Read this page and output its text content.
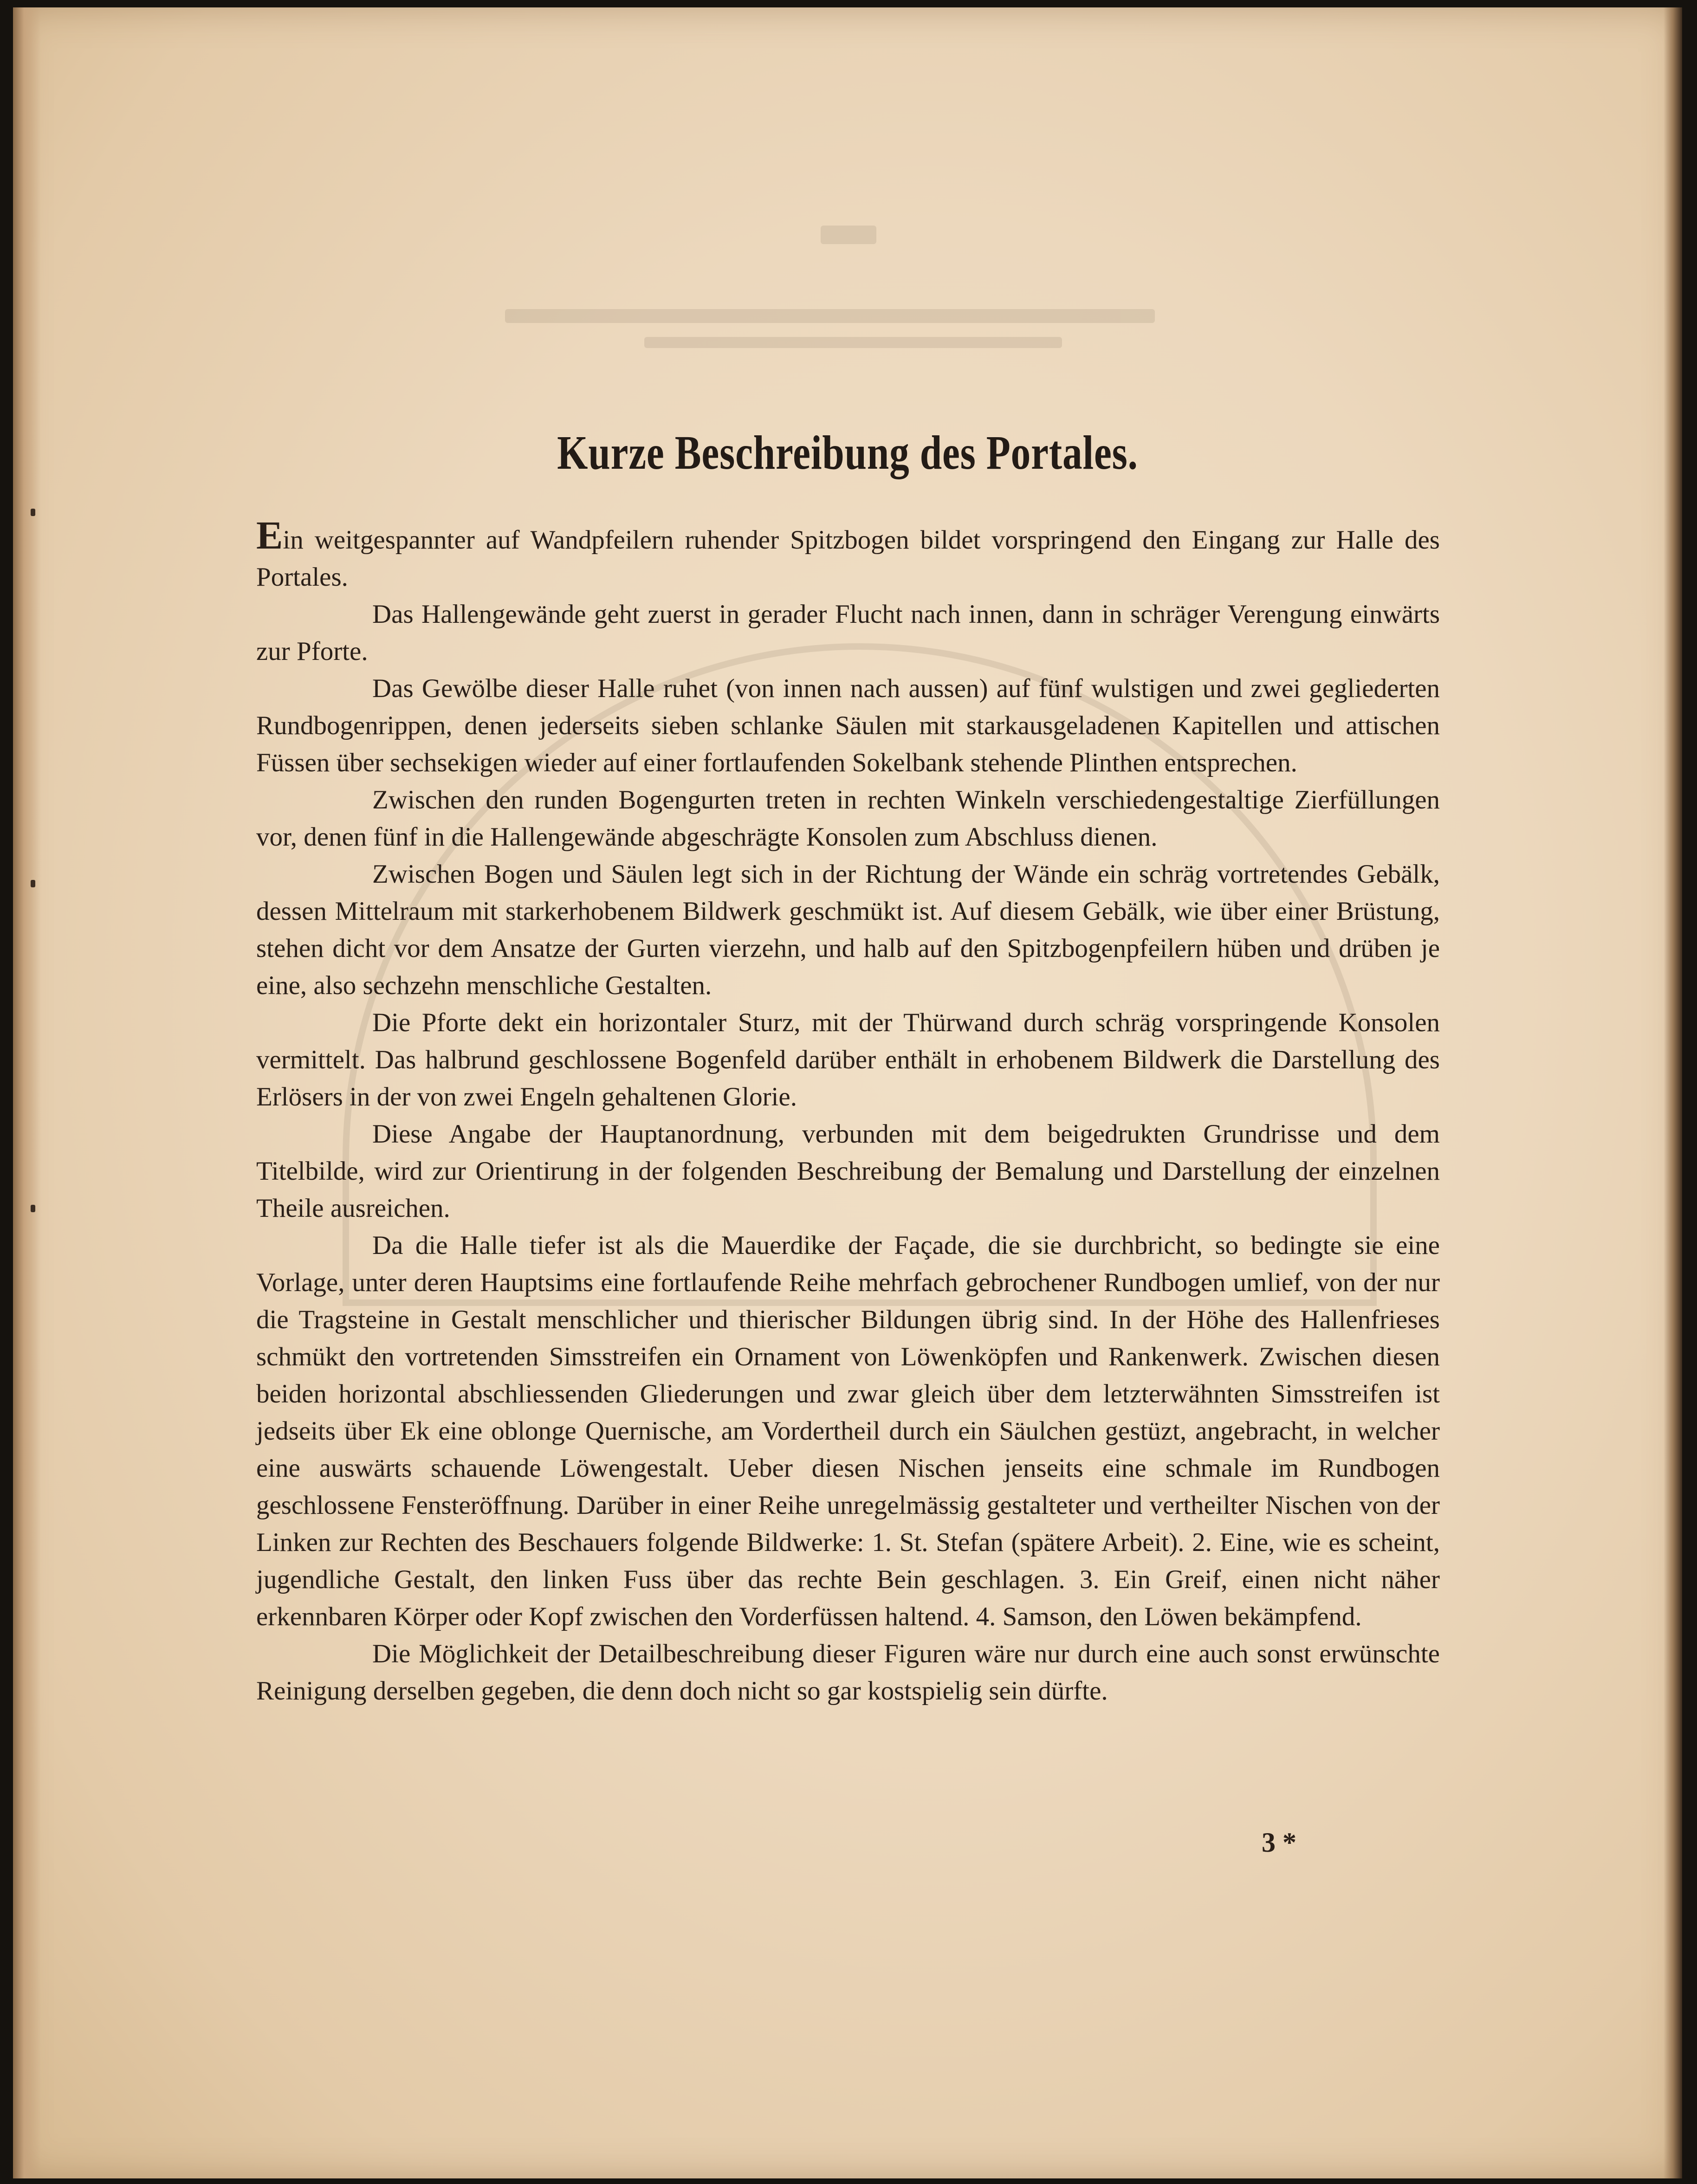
Kurze Beschreibung des Portales.

Ein weitgespannter auf Wandpfeilern ruhender Spitzbogen bildet vorspringend den Eingang zur Halle des Portales.

Das Hallengewände geht zuerst in gerader Flucht nach innen, dann in schräger Verengung einwärts zur Pforte.

Das Gewölbe dieser Halle ruhet (von innen nach aussen) auf fünf wulstigen und zwei gegliederten Rundbogenrippen, denen jederseits sieben schlanke Säulen mit starkausgeladenen Kapitellen und attischen Füssen über sechsekigen wieder auf einer fortlaufenden Sokelbank stehende Plinthen entsprechen.

Zwischen den runden Bogengurten treten in rechten Winkeln verschiedengestaltige Zierfüllungen vor, denen fünf in die Hallengewände abgeschrägte Konsolen zum Abschluss dienen.

Zwischen Bogen und Säulen legt sich in der Richtung der Wände ein schräg vortretendes Gebälk, dessen Mittelraum mit starkerhobenem Bildwerk geschmükt ist. Auf diesem Gebälk, wie über einer Brüstung, stehen dicht vor dem Ansatze der Gurten vierzehn, und halb auf den Spitzbogenpfeilern hüben und drüben je eine, also sechzehn menschliche Gestalten.

Die Pforte dekt ein horizontaler Sturz, mit der Thürwand durch schräg vorspringende Konsolen vermittelt. Das halbrund geschlossene Bogenfeld darüber enthält in erhobenem Bildwerk die Darstellung des Erlösers in der von zwei Engeln gehaltenen Glorie.

Diese Angabe der Hauptanordnung, verbunden mit dem beigedrukten Grundrisse und dem Titelbilde, wird zur Orientirung in der folgenden Beschreibung der Bemalung und Darstellung der einzelnen Theile ausreichen.

Da die Halle tiefer ist als die Mauerdike der Façade, die sie durchbricht, so bedingte sie eine Vorlage, unter deren Hauptsims eine fortlaufende Reihe mehrfach gebrochener Rundbogen umlief, von der nur die Tragsteine in Gestalt menschlicher und thierischer Bildungen übrig sind. In der Höhe des Hallenfrieses schmükt den vortretenden Simsstreifen ein Ornament von Löwenköpfen und Rankenwerk. Zwischen diesen beiden horizontal abschliessenden Gliederungen und zwar gleich über dem letzterwähnten Simsstreifen ist jedseits über Ek eine oblonge Quernische, am Vordertheil durch ein Säulchen gestüzt, angebracht, in welcher eine auswärts schauende Löwengestalt. Ueber diesen Nischen jenseits eine schmale im Rundbogen geschlossene Fensteröffnung. Darüber in einer Reihe unregelmässig gestalteter und vertheilter Nischen von der Linken zur Rechten des Beschauers folgende Bildwerke: 1. St. Stefan (spätere Arbeit). 2. Eine, wie es scheint, jugendliche Gestalt, den linken Fuss über das rechte Bein geschlagen. 3. Ein Greif, einen nicht näher erkennbaren Körper oder Kopf zwischen den Vorderfüssen haltend. 4. Samson, den Löwen bekämpfend.

Die Möglichkeit der Detailbeschreibung dieser Figuren wäre nur durch eine auch sonst erwünschte Reinigung derselben gegeben, die denn doch nicht so gar kostspielig sein dürfte.

3 *
